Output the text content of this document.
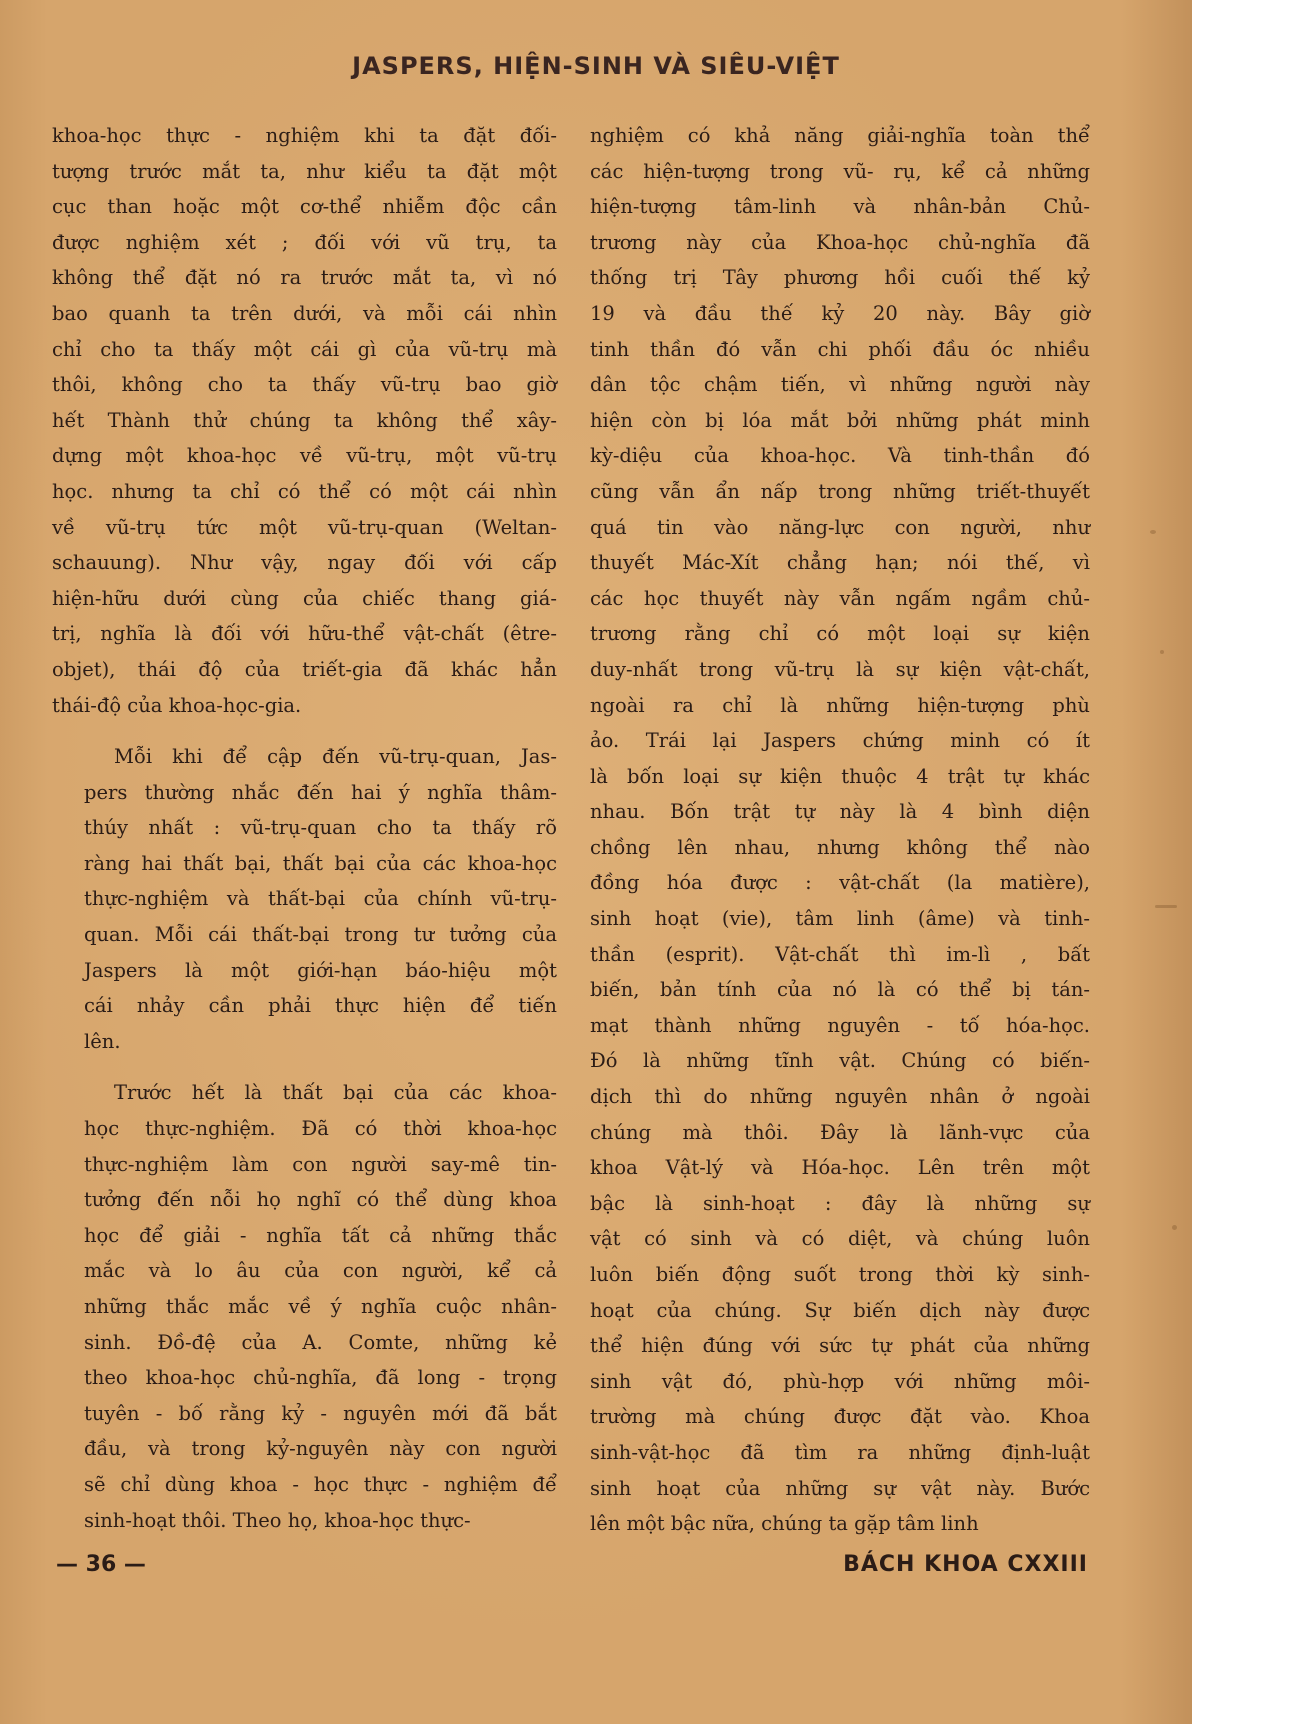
JASPERS, HIỆN-SINH VÀ SIÊU-VIỆT
khoa-học thực - nghiệm khi ta đặt đối-
tượng trước mắt ta, như kiểu ta đặt một
cục than hoặc một cơ-thể nhiễm độc cần
được nghiệm xét ; đối với vũ trụ, ta
không thể đặt nó ra trước mắt ta, vì nó
bao quanh ta trên dưới, và mỗi cái nhìn
chỉ cho ta thấy một cái gì của vũ-trụ mà
thôi, không cho ta thấy vũ-trụ bao giờ
hết Thành thử chúng ta không thể xây-
dựng một khoa-học về vũ-trụ, một vũ-trụ
học. nhưng ta chỉ có thể có một cái nhìn
về vũ-trụ tức một vũ-trụ-quan (Weltan-
schauung). Như vậy, ngay đối với cấp
hiện-hữu dưới cùng của chiếc thang giá-
trị, nghĩa là đối với hữu-thể vật-chất (être-
objet), thái độ của triết-gia đã khác hẳn
thái-độ của khoa-học-gia.
Mỗi khi để cập đến vũ-trụ-quan, Jas-
pers thường nhắc đến hai ý nghĩa thâm-
thúy nhất : vũ-trụ-quan cho ta thấy rõ
ràng hai thất bại, thất bại của các khoa-học
thực-nghiệm và thất-bại của chính vũ-trụ-
quan. Mỗi cái thất-bại trong tư tưởng của
Jaspers là một giới-hạn báo-hiệu một
cái nhảy cần phải thực hiện để tiến
lên.
Trước hết là thất bại của các khoa-
học thực-nghiệm. Đã có thời khoa-học
thực-nghiệm làm con người say-mê tin-
tưởng đến nỗi họ nghĩ có thể dùng khoa
học để giải - nghĩa tất cả những thắc
mắc và lo âu của con người, kể cả
những thắc mắc về ý nghĩa cuộc nhân-
sinh. Đồ-đệ của A. Comte, những kẻ
theo khoa-học chủ-nghĩa, đã long - trọng
tuyên - bố rằng kỷ - nguyên mới đã bắt
đầu, và trong kỷ-nguyên này con người
sẽ chỉ dùng khoa - học thực - nghiệm để
sinh-hoạt thôi. Theo họ, khoa-học thực-
nghiệm có khả năng giải-nghĩa toàn thể
các hiện-tượng trong vũ- rụ, kể cả những
hiện-tượng tâm-linh và nhân-bản Chủ-
trương này của Khoa-học chủ-nghĩa đã
thống trị Tây phương hồi cuối thế kỷ
19 và đầu thế kỷ 20 này. Bây giờ
tinh thần đó vẫn chi phối đầu óc nhiều
dân tộc chậm tiến, vì những người này
hiện còn bị lóa mắt bởi những phát minh
kỳ-diệu của khoa-học. Và tinh-thần đó
cũng vẫn ẩn nấp trong những triết-thuyết
quá tin vào năng-lực con người, như
thuyết Mác-Xít chẳng hạn; nói thế, vì
các học thuyết này vẫn ngấm ngầm chủ-
trương rằng chỉ có một loại sự kiện
duy-nhất trong vũ-trụ là sự kiện vật-chất,
ngoài ra chỉ là những hiện-tượng phù
ảo. Trái lại Jaspers chứng minh có ít
là bốn loại sự kiện thuộc 4 trật tự khác
nhau. Bốn trật tự này là 4 bình diện
chồng lên nhau, nhưng không thể nào
đồng hóa được : vật-chất (la matière),
sinh hoạt (vie), tâm linh (âme) và tinh-
thần (esprit). Vật-chất thì im-lì , bất
biến, bản tính của nó là có thể bị tán-
mạt thành những nguyên - tố hóa-học.
Đó là những tĩnh vật. Chúng có biến-
dịch thì do những nguyên nhân ở ngoài
chúng mà thôi. Đây là lãnh-vực của
khoa Vật-lý và Hóa-học. Lên trên một
bậc là sinh-hoạt : đây là những sự
vật có sinh và có diệt, và chúng luôn
luôn biến động suốt trong thời kỳ sinh-
hoạt của chúng. Sự biến dịch này được
thể hiện đúng với sức tự phát của những
sinh vật đó, phù-hợp với những môi-
trường mà chúng được đặt vào. Khoa
sinh-vật-học đã tìm ra những định-luật
sinh hoạt của những sự vật này. Bước
lên một bậc nữa, chúng ta gặp tâm linh
— 36 —	BÁCH KHOA CXXIII
